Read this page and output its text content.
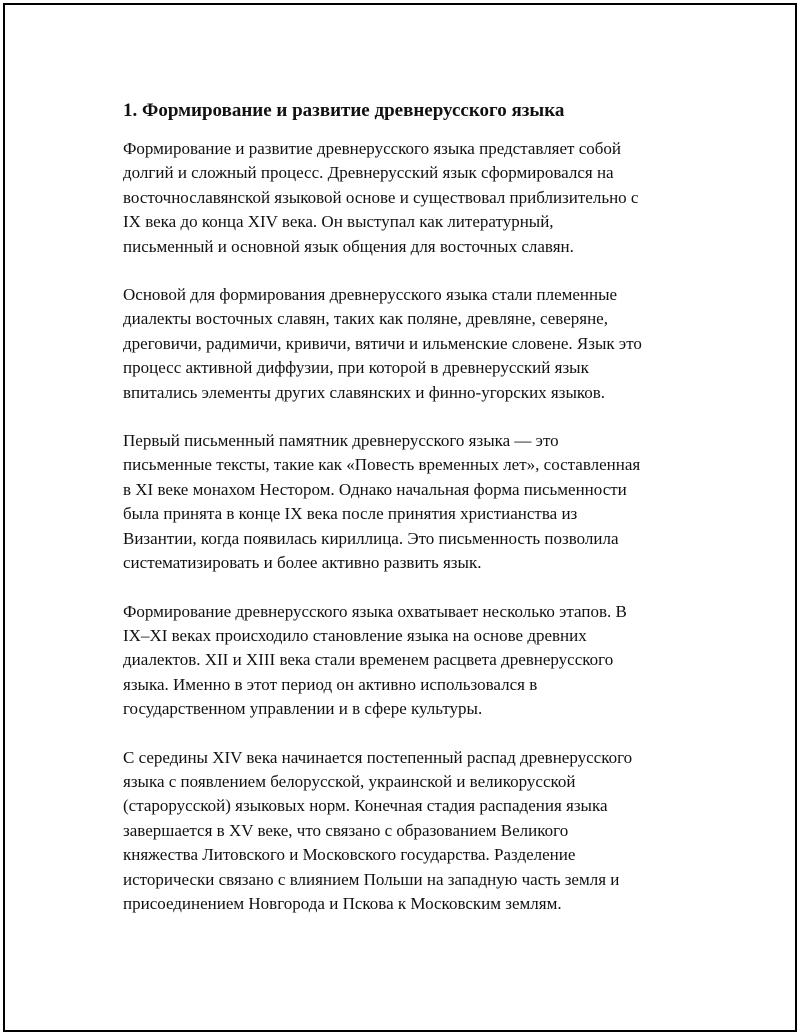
1. Формирование и развитие древнерусского языка

Формирование и развитие древнерусского языка представляет собой
долгий и сложный процесс. Древнерусский язык сформировался на
восточнославянской языковой основе и существовал приблизительно с
IX века до конца XIV века. Он выступал как литературный,
письменный и основной язык общения для восточных славян.

Основой для формирования древнерусского языка стали племенные
диалекты восточных славян, таких как поляне, древляне, северяне,
дреговичи, радимичи, кривичи, вятичи и ильменские словене. Язык это
процесс активной диффузии, при которой в древнерусский язык
впитались элементы других славянских и финно-угорских языков.

Первый письменный памятник древнерусского языка — это
письменные тексты, такие как «Повесть временных лет», составленная
в XI веке монахом Нестором. Однако начальная форма письменности
была принята в конце IX века после принятия христианства из
Византии, когда появилась кириллица. Это письменность позволила
систематизировать и более активно развить язык.

Формирование древнерусского языка охватывает несколько этапов. В
IX–XI веках происходило становление языка на основе древних
диалектов. XII и XIII века стали временем расцвета древнерусского
языка. Именно в этот период он активно использовался в
государственном управлении и в сфере культуры.

С середины XIV века начинается постепенный распад древнерусского
языка с появлением белорусской, украинской и великорусской
(старорусской) языковых норм. Конечная стадия распадения языка
завершается в XV веке, что связано с образованием Великого
княжества Литовского и Московского государства. Разделение
исторически связано с влиянием Польши на западную часть земля и
присоединением Новгорода и Пскова к Московским землям.
